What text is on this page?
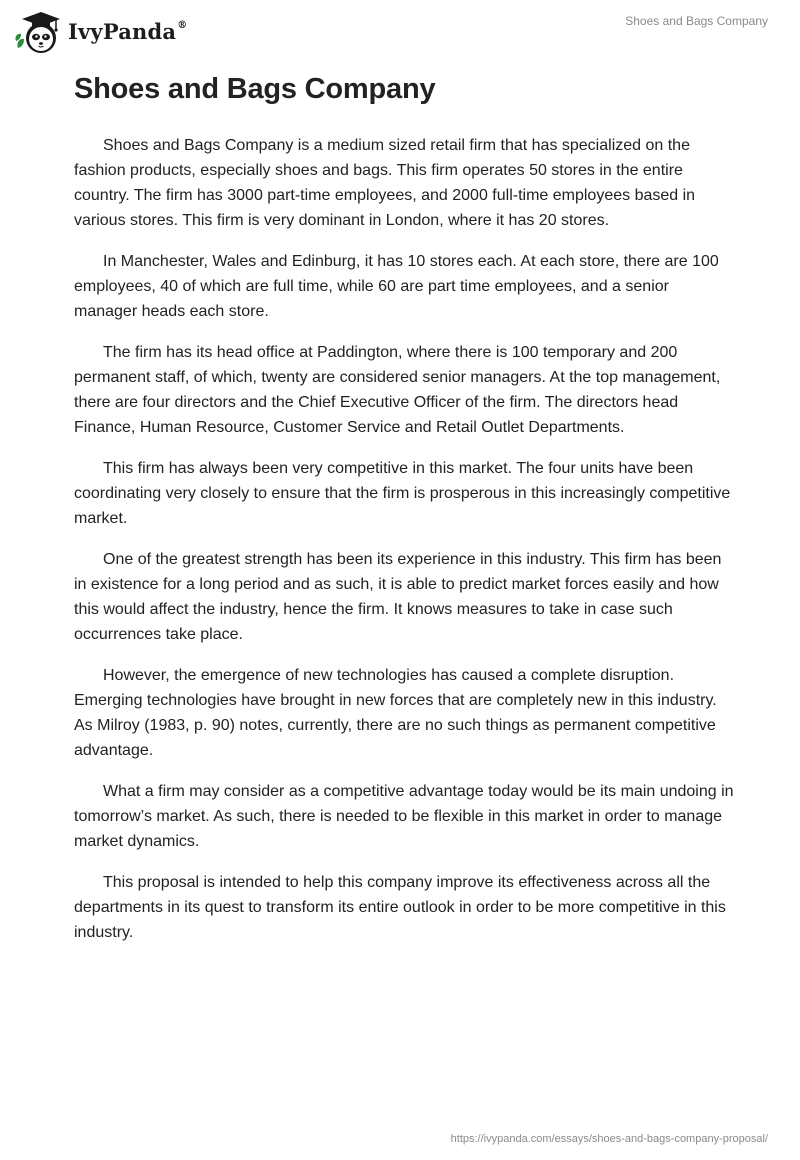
IvyPanda®	Shoes and Bags Company
Shoes and Bags Company

Shoes and Bags Company is a medium sized retail firm that has specialized on the fashion products, especially shoes and bags. This firm operates 50 stores in the entire country. The firm has 3000 part-time employees, and 2000 full-time employees based in various stores. This firm is very dominant in London, where it has 20 stores.

In Manchester, Wales and Edinburg, it has 10 stores each. At each store, there are 100 employees, 40 of which are full time, while 60 are part time employees, and a senior manager heads each store.

The firm has its head office at Paddington, where there is 100 temporary and 200 permanent staff, of which, twenty are considered senior managers. At the top management, there are four directors and the Chief Executive Officer of the firm. The directors head Finance, Human Resource, Customer Service and Retail Outlet Departments.

This firm has always been very competitive in this market. The four units have been coordinating very closely to ensure that the firm is prosperous in this increasingly competitive market.

One of the greatest strength has been its experience in this industry. This firm has been in existence for a long period and as such, it is able to predict market forces easily and how this would affect the industry, hence the firm. It knows measures to take in case such occurrences take place.

However, the emergence of new technologies has caused a complete disruption. Emerging technologies have brought in new forces that are completely new in this industry. As Milroy (1983, p. 90) notes, currently, there are no such things as permanent competitive advantage.

What a firm may consider as a competitive advantage today would be its main undoing in tomorrow’s market. As such, there is needed to be flexible in this market in order to manage market dynamics.

This proposal is intended to help this company improve its effectiveness across all the departments in its quest to transform its entire outlook in order to be more competitive in this industry.

https://ivypanda.com/essays/shoes-and-bags-company-proposal/
